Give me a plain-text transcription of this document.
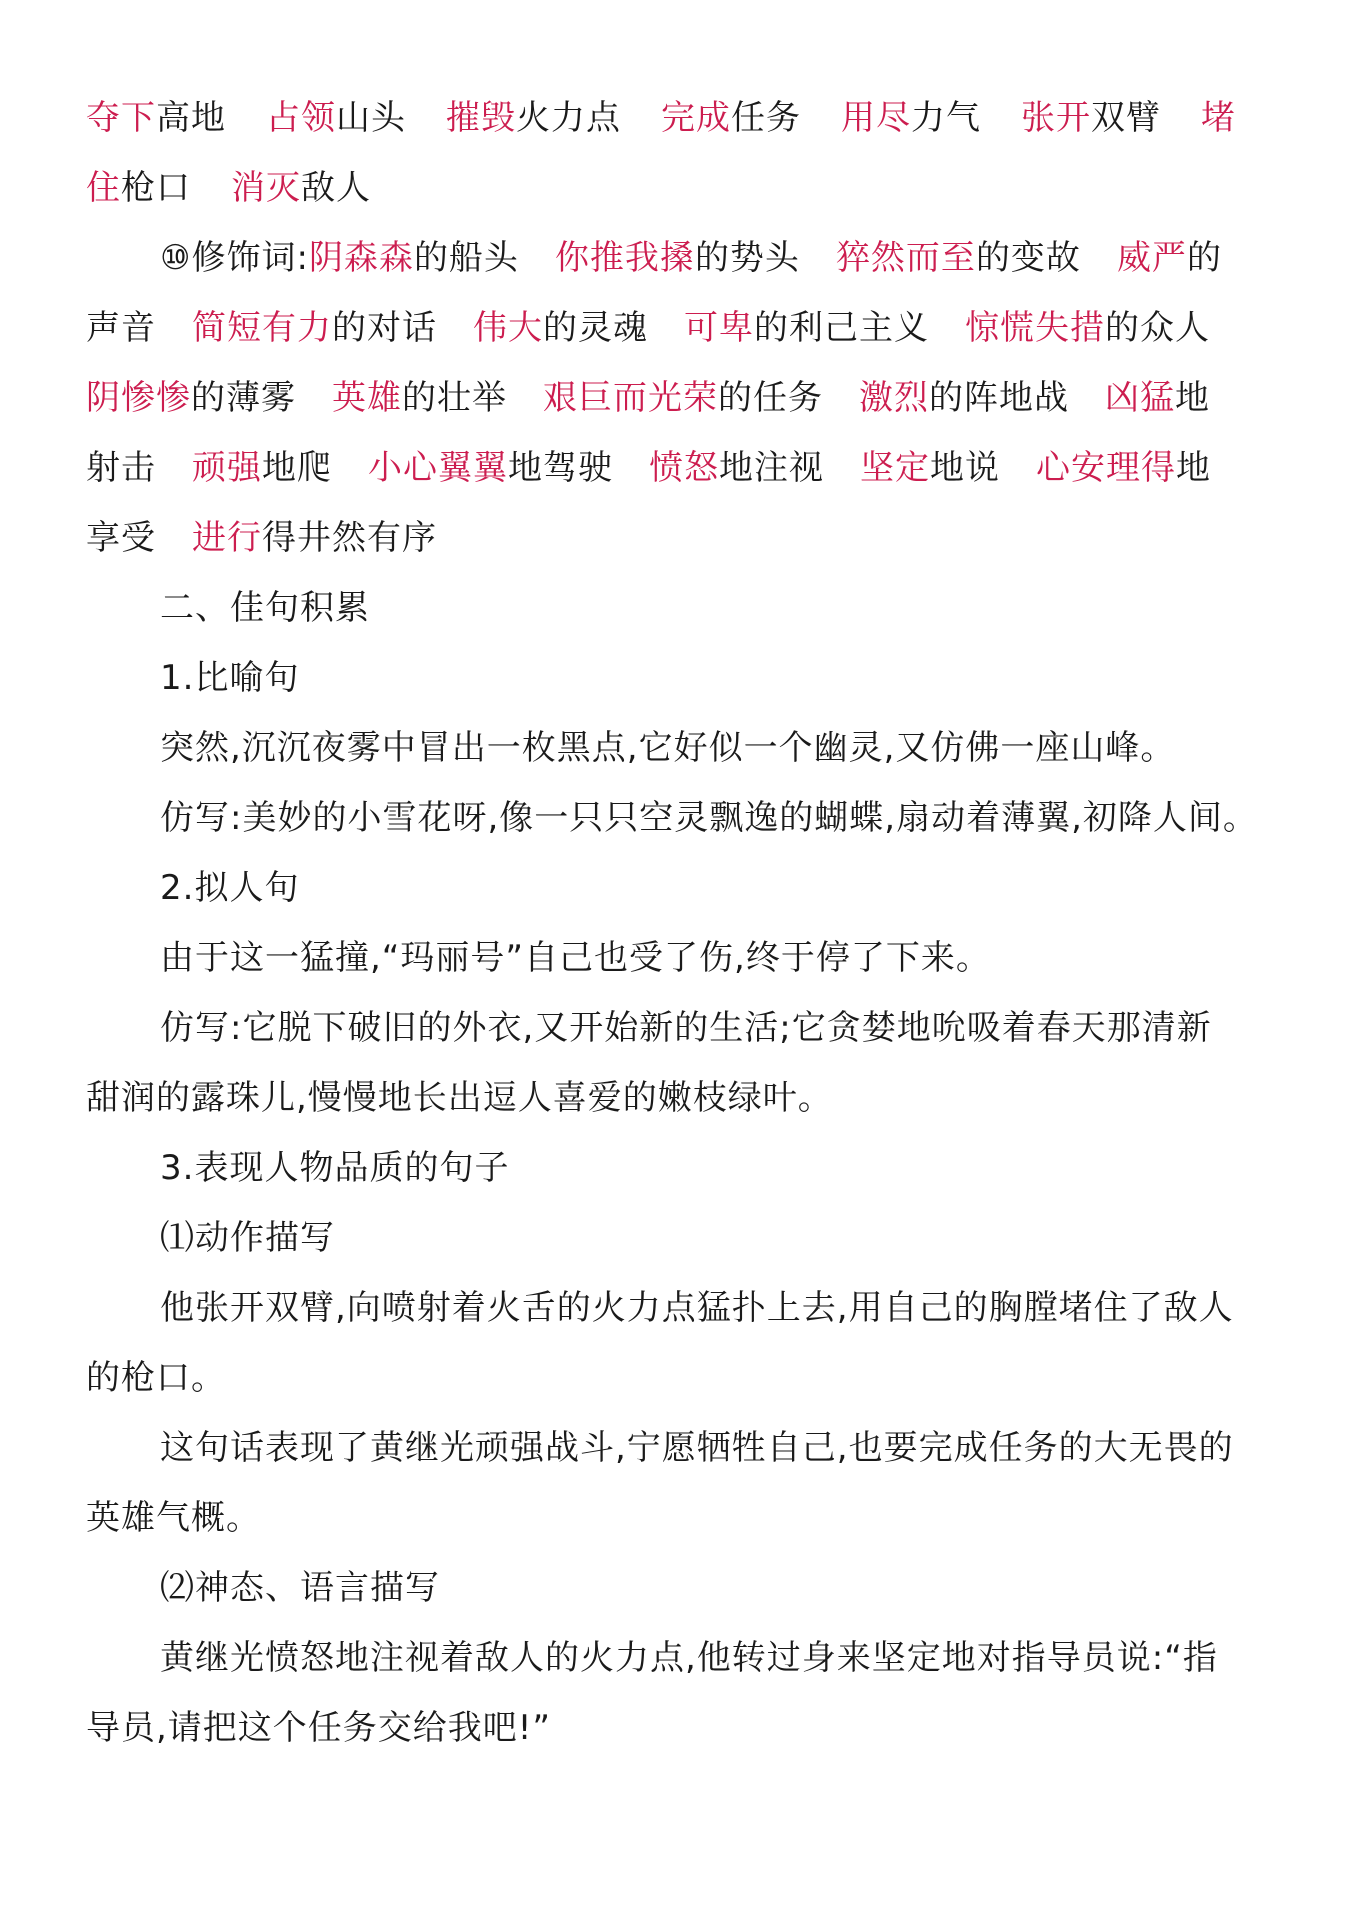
夺下高地 占领山头 摧毁火力点 完成任务 用尽力气 张开双臂 堵
住枪口 消灭敌人
⑩修饰词:阴森森的船头 你推我搡的势头 猝然而至的变故 威严的
声音 简短有力的对话 伟大的灵魂 可卑的利己主义 惊慌失措的众人
阴惨惨的薄雾 英雄的壮举 艰巨而光荣的任务 激烈的阵地战 凶猛地
射击 顽强地爬 小心翼翼地驾驶 愤怒地注视 坚定地说 心安理得地
享受 进行得井然有序
二、佳句积累
1.比喻句
突然,沉沉夜雾中冒出一枚黑点,它好似一个幽灵,又仿佛一座山峰。
仿写:美妙的小雪花呀,像一只只空灵飘逸的蝴蝶,扇动着薄翼,初降人间。
2.拟人句
由于这一猛撞,“玛丽号”自己也受了伤,终于停了下来。
仿写:它脱下破旧的外衣,又开始新的生活;它贪婪地吮吸着春天那清新
甜润的露珠儿,慢慢地长出逗人喜爱的嫩枝绿叶。
3.表现人物品质的句子
⑴动作描写
他张开双臂,向喷射着火舌的火力点猛扑上去,用自己的胸膛堵住了敌人
的枪口。
这句话表现了黄继光顽强战斗,宁愿牺牲自己,也要完成任务的大无畏的
英雄气概。
⑵神态、语言描写
黄继光愤怒地注视着敌人的火力点,他转过身来坚定地对指导员说:“指
导员,请把这个任务交给我吧!”
